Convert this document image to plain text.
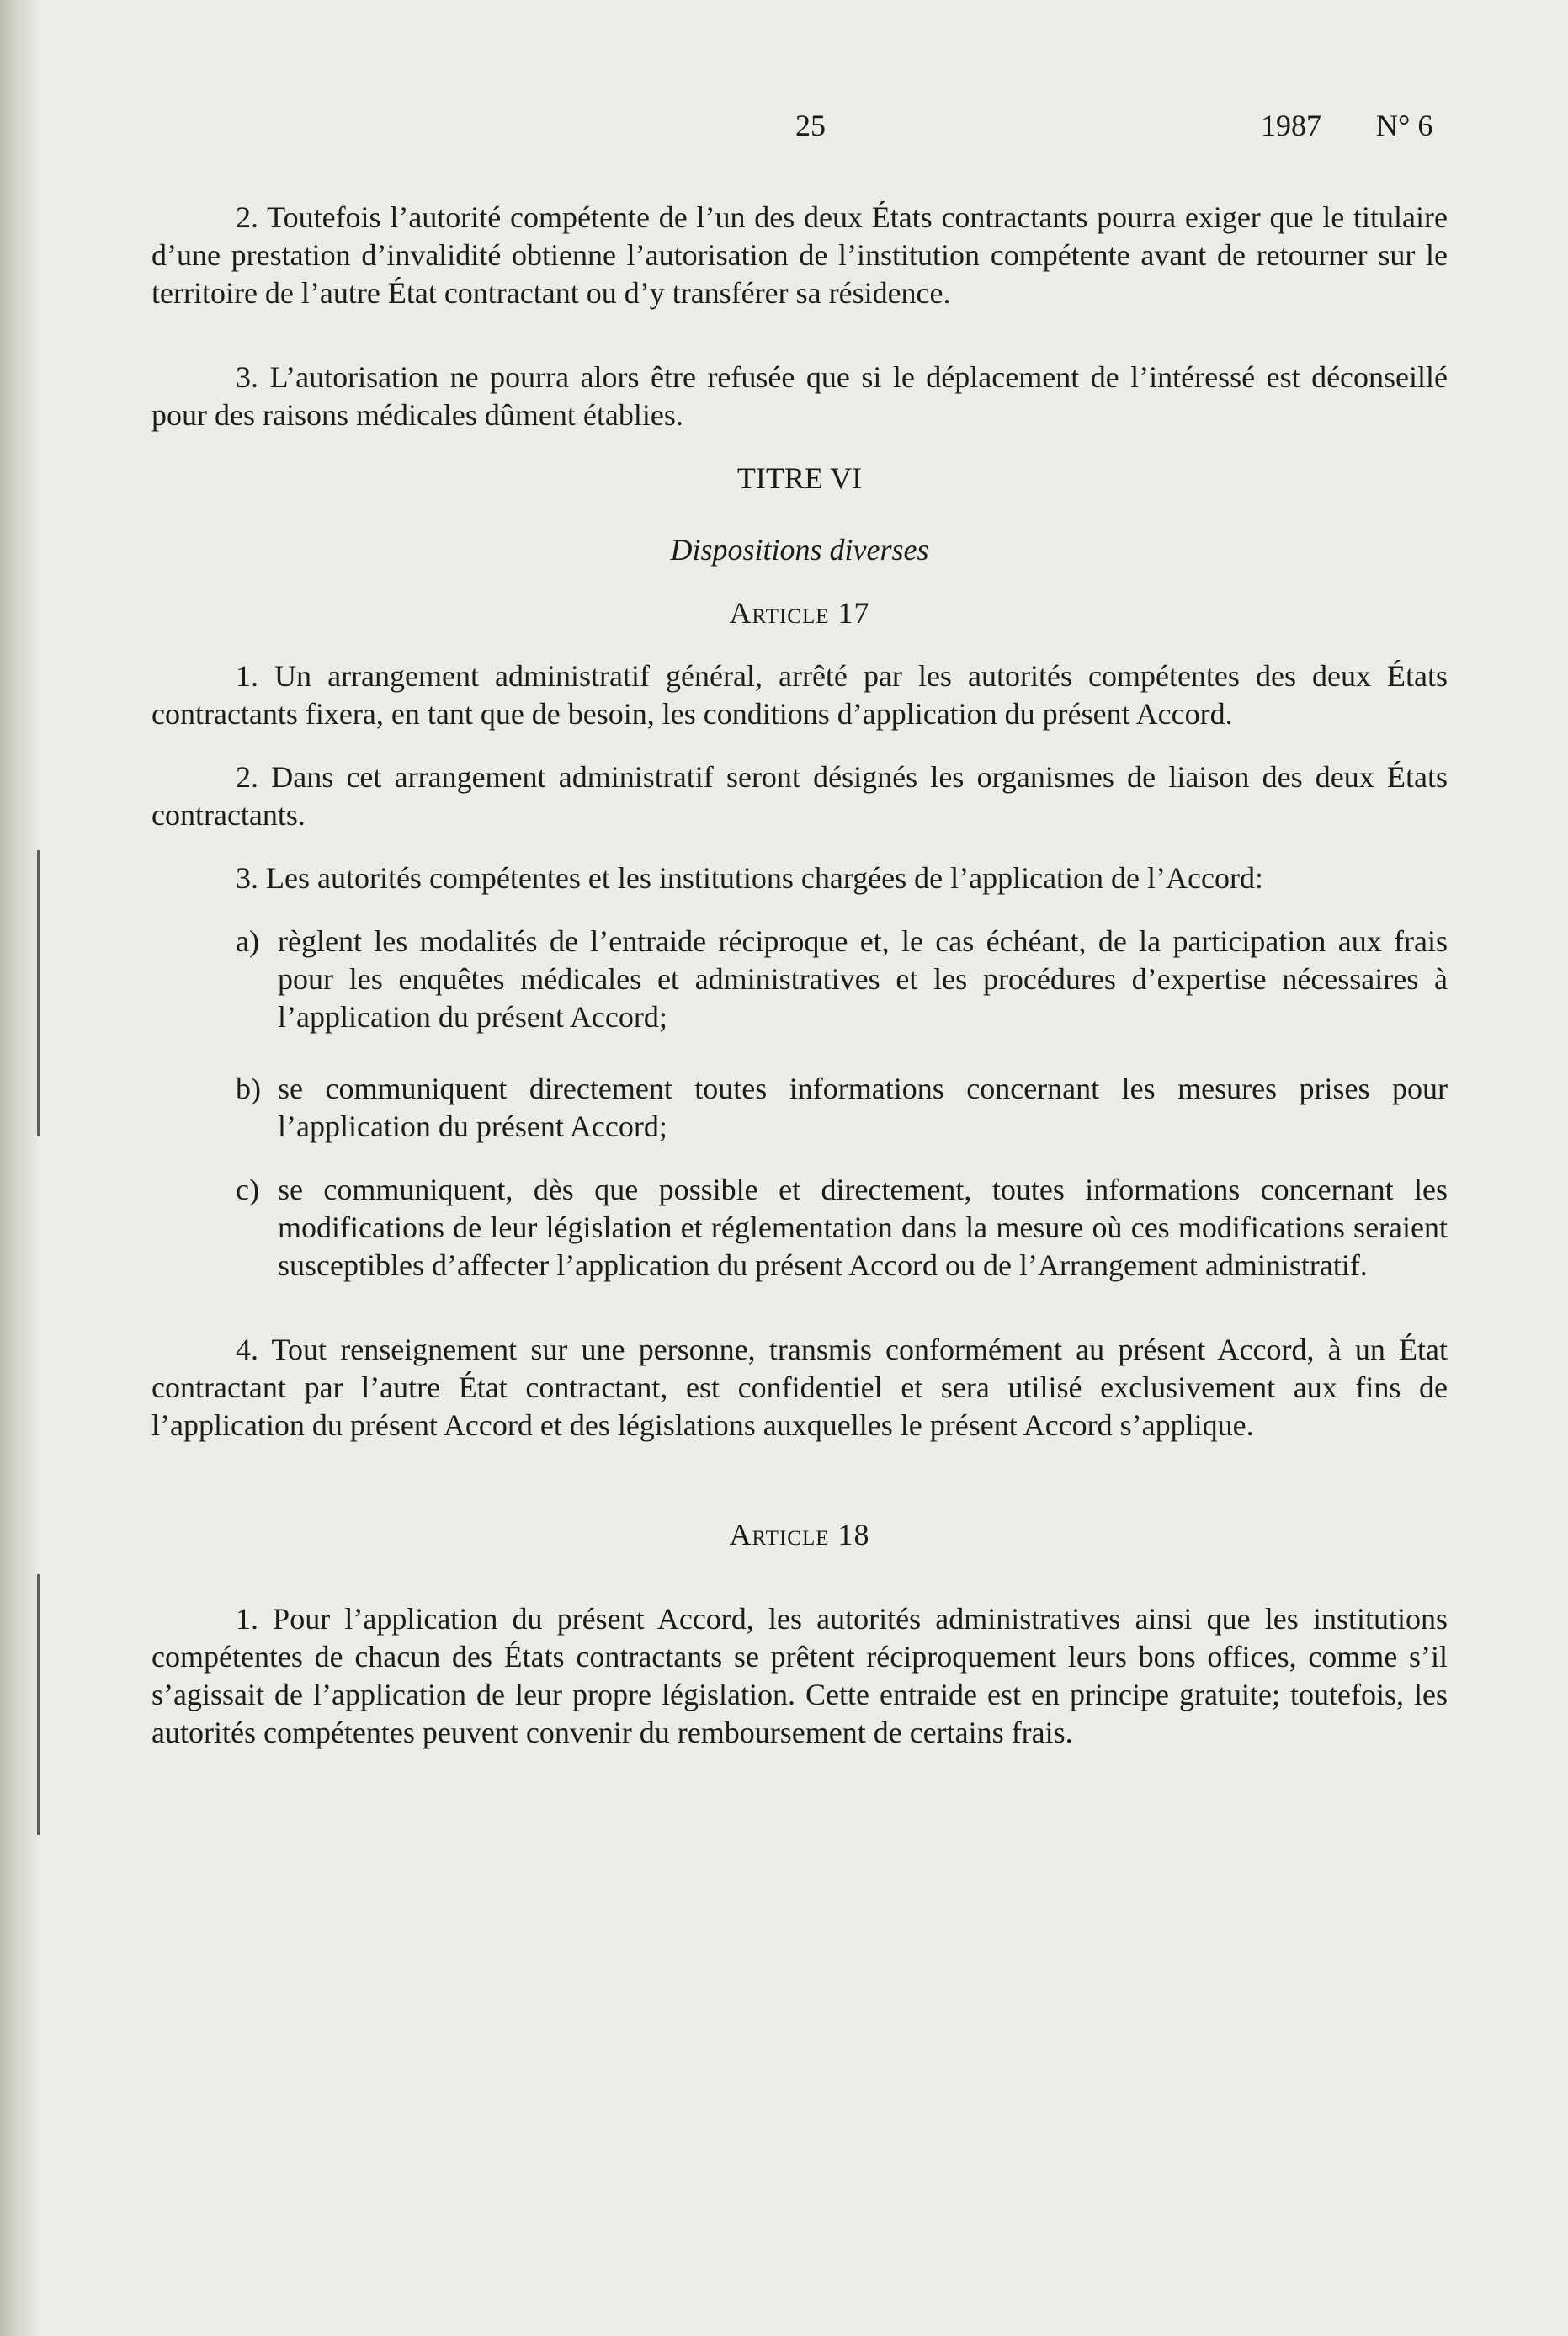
25	1987 N° 6

2. Toutefois l’autorité compétente de l’un des deux États contractants pourra exiger que le titulaire d’une prestation d’invalidité obtienne l’autorisation de l’institution compétente avant de retourner sur le territoire de l’autre État contractant ou d’y transférer sa résidence.

3. L’autorisation ne pourra alors être refusée que si le déplacement de l’intéressé est déconseillé pour des raisons médicales dûment établies.

TITRE VI

Dispositions diverses

Article 17

1. Un arrangement administratif général, arrêté par les autorités compétentes des deux États contractants fixera, en tant que de besoin, les conditions d’application du présent Accord.

2. Dans cet arrangement administratif seront désignés les organismes de liaison des deux États contractants.

3. Les autorités compétentes et les institutions chargées de l’application de l’Accord:

a) règlent les modalités de l’entraide réciproque et, le cas échéant, de la participation aux frais pour les enquêtes médicales et administratives et les procédures d’expertise nécessaires à l’application du présent Accord;
b) se communiquent directement toutes informations concernant les mesures prises pour l’application du présent Accord;
c) se communiquent, dès que possible et directement, toutes informations concernant les modifications de leur législation et réglementation dans la mesure où ces modifications seraient susceptibles d’affecter l’application du présent Accord ou de l’Arrangement administratif.

4. Tout renseignement sur une personne, transmis conformément au présent Accord, à un État contractant par l’autre État contractant, est confidentiel et sera utilisé exclusivement aux fins de l’application du présent Accord et des législations auxquelles le présent Accord s’applique.

Article 18

1. Pour l’application du présent Accord, les autorités administratives ainsi que les institutions compétentes de chacun des États contractants se prêtent réciproquement leurs bons offices, comme s’il s’agissait de l’application de leur propre législation. Cette entraide est en principe gratuite; toutefois, les autorités compétentes peuvent convenir du remboursement de certains frais.
